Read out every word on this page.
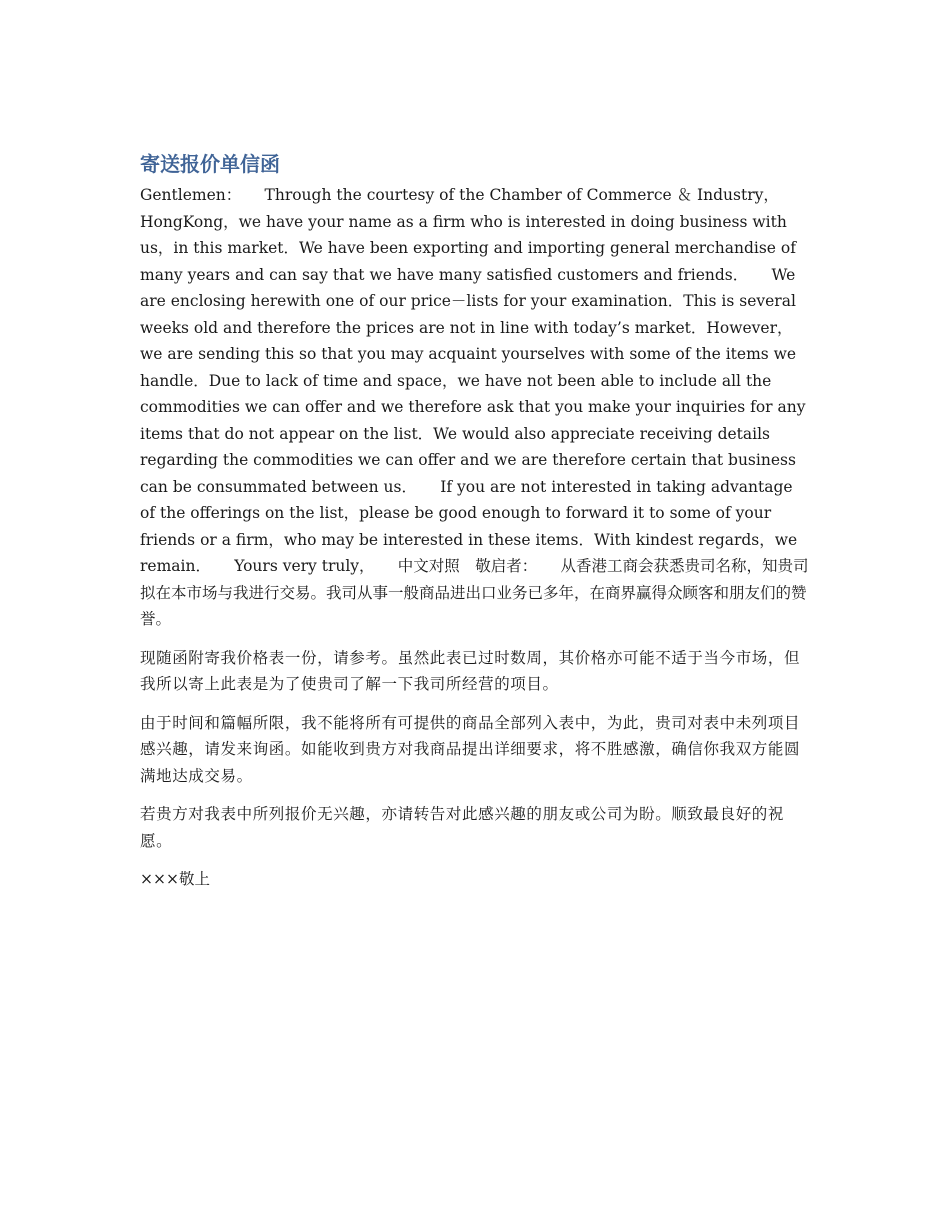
寄送报价单信函

Gentlemen：　　Through the courtesy of the Chamber of Commerce ＆ Industry，HongKong，we have your name as a firm who is interested in doing business with us，in this market．We have been exporting and importing general merchandise of many years and can say that we have many satisfied customers and friends．　　We are enclosing herewith one of our price－lists for your examination．This is several weeks old and therefore the prices are not in line with today’s market．However，we are sending this so that you may acquaint yourselves with some of the items we handle．Due to lack of time and space，we have not been able to include all the commodities we can offer and we therefore ask that you make your inquiries for any items that do not appear on the list．We would also appreciate receiving details regarding the commodities we can offer and we are therefore certain that business can be consummated between us．　　If you are not interested in taking advantage of the offerings on the list，please be good enough to forward it to some of your friends or a firm，who may be interested in these items．With kindest regards，we remain．　　Yours very truly，　　中文对照　敬启者：　　从香港工商会获悉贵司名称，知贵司拟在本市场与我进行交易。我司从事一般商品进出口业务已多年，在商界赢得众顾客和朋友们的赞誉。

现随函附寄我价格表一份，请参考。虽然此表已过时数周，其价格亦可能不适于当今市场，但我所以寄上此表是为了使贵司了解一下我司所经营的项目。

由于时间和篇幅所限，我不能将所有可提供的商品全部列入表中，为此，贵司对表中未列项目感兴趣，请发来询函。如能收到贵方对我商品提出详细要求，将不胜感激，确信你我双方能圆满地达成交易。

若贵方对我表中所列报价无兴趣，亦请转告对此感兴趣的朋友或公司为盼。顺致最良好的祝愿。

×××敬上
